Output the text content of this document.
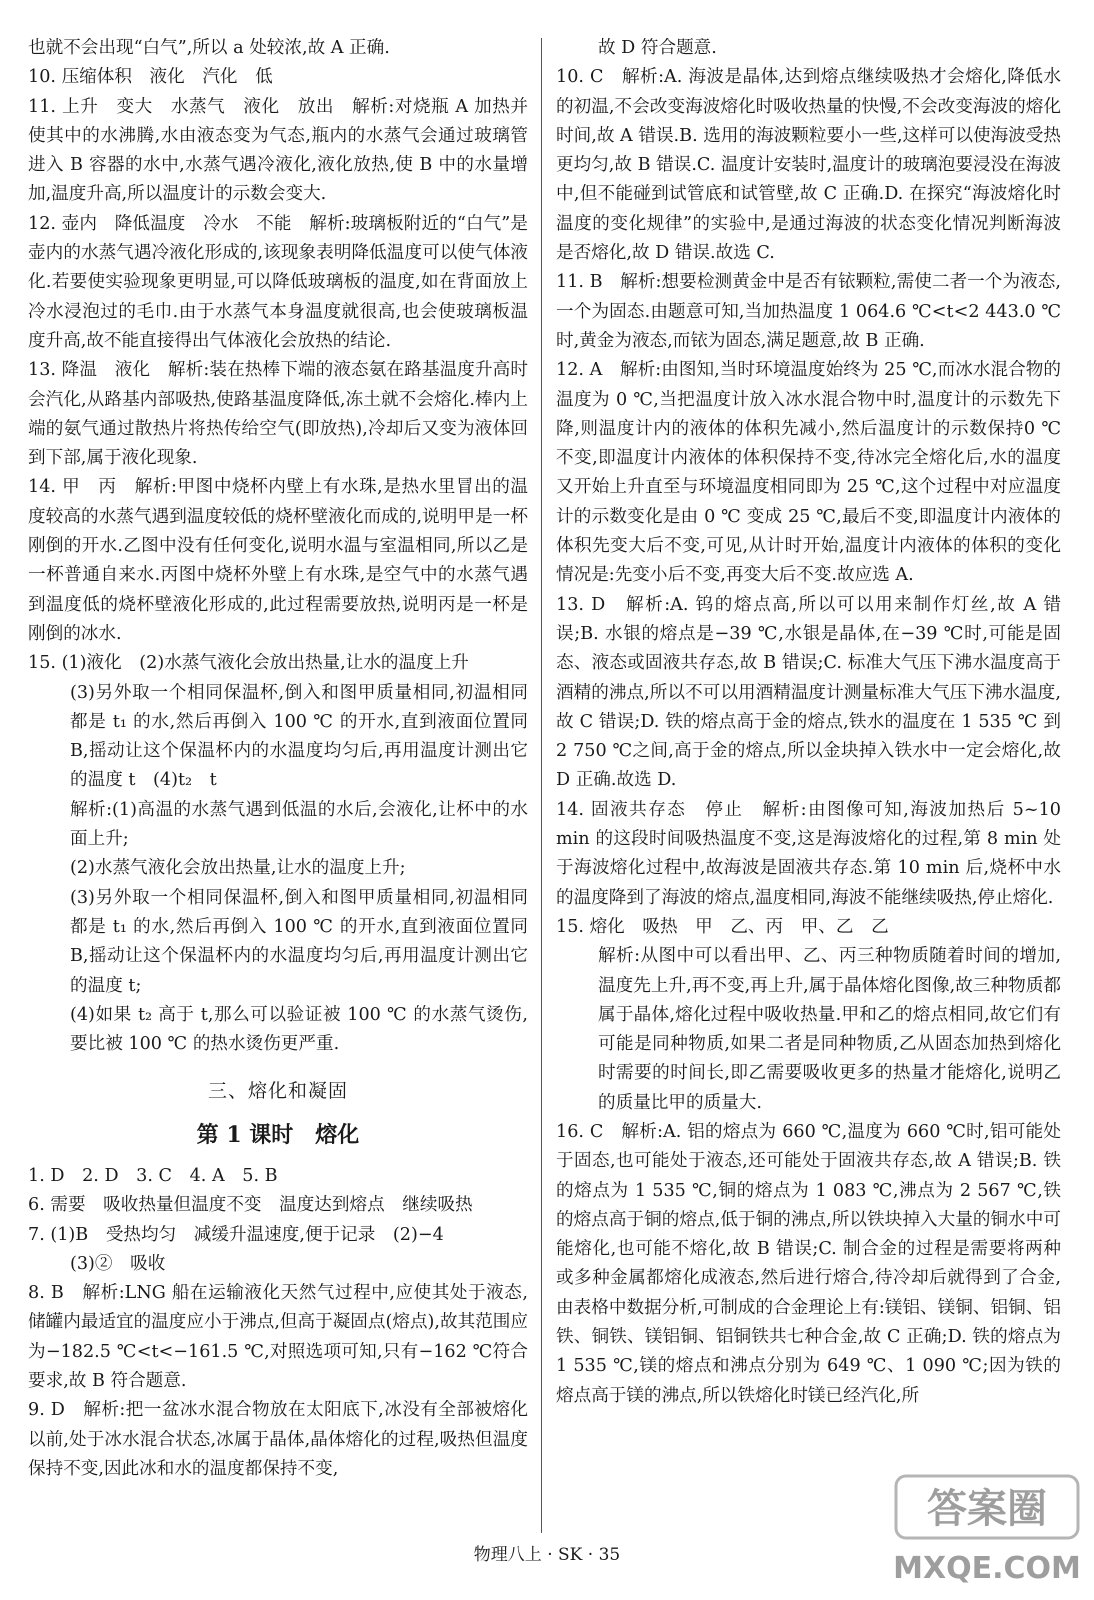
也就不会出现“白气”,所以 a 处较浓,故 A 正确.

10. 压缩体积　液化　汽化　低

11. 上升　变大　水蒸气　液化　放出　解析:对烧瓶 A 加热并使其中的水沸腾,水由液态变为气态,瓶内的水蒸气会通过玻璃管进入 B 容器的水中,水蒸气遇冷液化,液化放热,使 B 中的水量增加,温度升高,所以温度计的示数会变大.

12. 壶内　降低温度　冷水　不能　解析:玻璃板附近的“白气”是壶内的水蒸气遇冷液化形成的,该现象表明降低温度可以使气体液化.若要使实验现象更明显,可以降低玻璃板的温度,如在背面放上冷水浸泡过的毛巾.由于水蒸气本身温度就很高,也会使玻璃板温度升高,故不能直接得出气体液化会放热的结论.

13. 降温　液化　解析:装在热棒下端的液态氨在路基温度升高时会汽化,从路基内部吸热,使路基温度降低,冻土就不会熔化.棒内上端的氨气通过散热片将热传给空气(即放热),冷却后又变为液体回到下部,属于液化现象.

14. 甲　丙　解析:甲图中烧杯内壁上有水珠,是热水里冒出的温度较高的水蒸气遇到温度较低的烧杯壁液化而成的,说明甲是一杯刚倒的开水.乙图中没有任何变化,说明水温与室温相同,所以乙是一杯普通自来水.丙图中烧杯外壁上有水珠,是空气中的水蒸气遇到温度低的烧杯壁液化形成的,此过程需要放热,说明丙是一杯是刚倒的冰水.

15. (1)液化　(2)水蒸气液化会放出热量,让水的温度上升

(3)另外取一个相同保温杯,倒入和图甲质量相同,初温相同都是 t₁ 的水,然后再倒入 100 ℃ 的开水,直到液面位置同 B,摇动让这个保温杯内的水温度均匀后,再用温度计测出它的温度 t　(4)t₂　t

解析:(1)高温的水蒸气遇到低温的水后,会液化,让杯中的水面上升;

(2)水蒸气液化会放出热量,让水的温度上升;

(3)另外取一个相同保温杯,倒入和图甲质量相同,初温相同都是 t₁ 的水,然后再倒入 100 ℃ 的开水,直到液面位置同 B,摇动让这个保温杯内的水温度均匀后,再用温度计测出它的温度 t;

(4)如果 t₂ 高于 t,那么可以验证被 100 ℃ 的水蒸气烫伤,要比被 100 ℃ 的热水烫伤更严重.

三、熔化和凝固

第 1 课时　熔化

1. D　2. D　3. C　4. A　5. B

6. 需要　吸收热量但温度不变　温度达到熔点　继续吸热

7. (1)B　受热均匀　减缓升温速度,便于记录　(2)−4

(3)②　吸收

8. B　解析:LNG 船在运输液化天然气过程中,应使其处于液态,储罐内最适宜的温度应小于沸点,但高于凝固点(熔点),故其范围应为−182.5 ℃<t<−161.5 ℃,对照选项可知,只有−162 ℃符合要求,故 B 符合题意.

9. D　解析:把一盆冰水混合物放在太阳底下,冰没有全部被熔化以前,处于冰水混合状态,冰属于晶体,晶体熔化的过程,吸热但温度保持不变,因此冰和水的温度都保持不变,

故 D 符合题意.

10. C　解析:A. 海波是晶体,达到熔点继续吸热才会熔化,降低水的初温,不会改变海波熔化时吸收热量的快慢,不会改变海波的熔化时间,故 A 错误.B. 选用的海波颗粒要小一些,这样可以使海波受热更均匀,故 B 错误.C. 温度计安装时,温度计的玻璃泡要浸没在海波中,但不能碰到试管底和试管壁,故 C 正确.D. 在探究“海波熔化时温度的变化规律”的实验中,是通过海波的状态变化情况判断海波是否熔化,故 D 错误.故选 C.

11. B　解析:想要检测黄金中是否有铱颗粒,需使二者一个为液态,一个为固态.由题意可知,当加热温度 1 064.6 ℃<t<2 443.0 ℃时,黄金为液态,而铱为固态,满足题意,故 B 正确.

12. A　解析:由图知,当时环境温度始终为 25 ℃,而冰水混合物的温度为 0 ℃,当把温度计放入冰水混合物中时,温度计的示数先下降,则温度计内的液体的体积先减小,然后温度计的示数保持0 ℃不变,即温度计内液体的体积保持不变,待冰完全熔化后,水的温度又开始上升直至与环境温度相同即为 25 ℃,这个过程中对应温度计的示数变化是由 0 ℃ 变成 25 ℃,最后不变,即温度计内液体的体积先变大后不变,可见,从计时开始,温度计内液体的体积的变化情况是:先变小后不变,再变大后不变.故应选 A.

13. D　解析:A. 钨的熔点高,所以可以用来制作灯丝,故 A 错误;B. 水银的熔点是−39 ℃,水银是晶体,在−39 ℃时,可能是固态、液态或固液共存态,故 B 错误;C. 标准大气压下沸水温度高于酒精的沸点,所以不可以用酒精温度计测量标准大气压下沸水温度,故 C 错误;D. 铁的熔点高于金的熔点,铁水的温度在 1 535 ℃ 到 2 750 ℃之间,高于金的熔点,所以金块掉入铁水中一定会熔化,故 D 正确.故选 D.

14. 固液共存态　停止　解析:由图像可知,海波加热后 5~10 min 的这段时间吸热温度不变,这是海波熔化的过程,第 8 min 处于海波熔化过程中,故海波是固液共存态.第 10 min 后,烧杯中水的温度降到了海波的熔点,温度相同,海波不能继续吸热,停止熔化.

15. 熔化　吸热　甲　乙、丙　甲、乙　乙

解析:从图中可以看出甲、乙、丙三种物质随着时间的增加,温度先上升,再不变,再上升,属于晶体熔化图像,故三种物质都属于晶体,熔化过程中吸收热量.甲和乙的熔点相同,故它们有可能是同种物质,如果二者是同种物质,乙从固态加热到熔化时需要的时间长,即乙需要吸收更多的热量才能熔化,说明乙的质量比甲的质量大.

16. C　解析:A. 铝的熔点为 660 ℃,温度为 660 ℃时,铝可能处于固态,也可能处于液态,还可能处于固液共存态,故 A 错误;B. 铁的熔点为 1 535 ℃,铜的熔点为 1 083 ℃,沸点为 2 567 ℃,铁的熔点高于铜的熔点,低于铜的沸点,所以铁块掉入大量的铜水中可能熔化,也可能不熔化,故 B 错误;C. 制合金的过程是需要将两种或多种金属都熔化成液态,然后进行熔合,待冷却后就得到了合金,由表格中数据分析,可制成的合金理论上有:镁铝、镁铜、铝铜、铝铁、铜铁、镁铝铜、铝铜铁共七种合金,故 C 正确;D. 铁的熔点为 1 535 ℃,镁的熔点和沸点分别为 649 ℃、1 090 ℃;因为铁的熔点高于镁的沸点,所以铁熔化时镁已经汽化,所

物理八上 · SK · 35
答案圈
MXQE.COM
